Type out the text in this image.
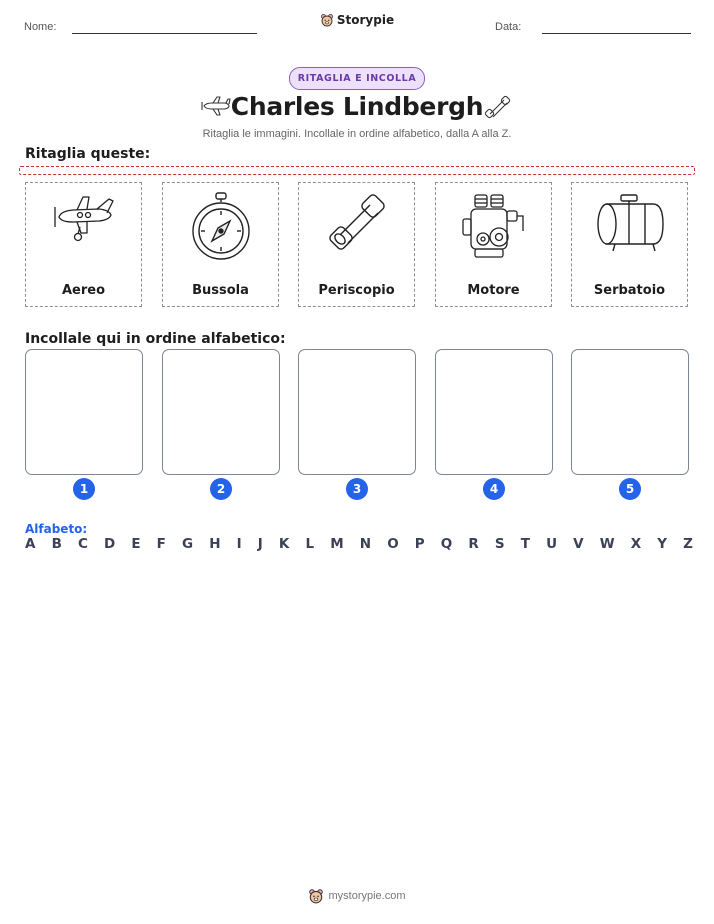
Nome:	Storypie	Data:
RITAGLIA E INCOLLA
Charles Lindbergh
Ritaglia le immagini. Incollale in ordine alfabetico, dalla A alla Z.
Ritaglia queste:
Aereo	Bussola	Periscopio	Motore	Serbatoio
Incollale qui in ordine alfabetico:
1	2	3	4	5
Alfabeto:
A B C D E F G H I J K L M N O P Q R S T U V W X Y Z
mystorypie.com
